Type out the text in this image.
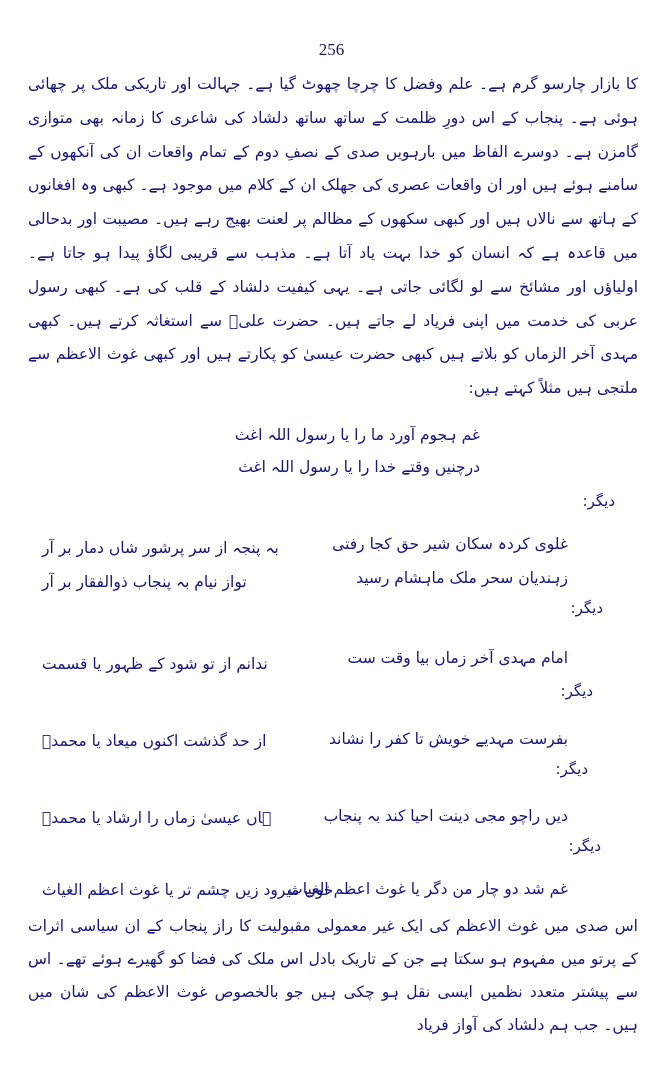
256

کا بازار چارسو گرم ہے۔ علم وفضل کا چرچا چھوٹ گیا ہے۔ جہالت اور تاریکی ملک پر چھائی ہوئی ہے۔ پنجاب کے اس دورِ ظلمت کے ساتھ ساتھ دلشاد کی شاعری کا زمانہ بھی متوازی گامزن ہے۔ دوسرے الفاظ میں بارہویں صدی کے نصفِ دوم کے تمام واقعات ان کی آنکھوں کے سامنے ہوئے ہیں اور ان واقعات عصری کی جھلک ان کے کلام میں موجود ہے۔ کبھی وہ افغانوں کے ہاتھ سے نالاں ہیں اور کبھی سکھوں کے مظالم پر لعنت بھیج رہے ہیں۔ مصیبت اور بدحالی میں قاعدہ ہے کہ انسان کو خدا بہت یاد آتا ہے۔ مذہب سے قریبی لگاؤ پیدا ہو جاتا ہے۔ اولیاؤں اور مشائخ سے لو لگائی جاتی ہے۔ یہی کیفیت دلشاد کے قلب کی ہے۔ کبھی رسول عربی کی خدمت میں اپنی فریاد لے جاتے ہیں۔ حضرت علیؑ سے استغاثہ کرتے ہیں۔ کبھی مہدی آخر الزماں کو بلاتے ہیں کبھی حضرت عیسیٰ کو پکارتے ہیں اور کبھی غوث الاعظم سے ملتجی ہیں مثلاً کہتے ہیں:

غم ہجوم آورد ما را یا رسول اللہ اغث
درچنیں وقتے خدا را یا رسول اللہ اغث
دیگر:
غلوی کردہ سکان شیر حق کجا رفتی
بہ پنجہ از سر پرشور شاں دمار بر آر
زہندیان سحر ملک ماہشام رسید
تواز نیام بہ پنجاب ذوالفقار بر آر
دیگر:
امام مہدی آخر زماں بیا وقت ست
ندانم از تو شود کے ظہور یا قسمت
دیگر:
بفرست مہدیے خویش تا کفر را نشاند
از حد گذشت اکنوں میعاد یا محمدؐ
دیگر:
دیں راچو مجی دینت احیا کند بہ پنجاب
ہاں عیسیٰ زماں را ارشاد یا محمدؐ
دیگر:
غم شد دو چار من دگر یا غوث اعظم الغیاث
خوں میرود زیں چشم تر یا غوث اعظم الغیاث

اس صدی میں غوث الاعظم کی ایک غیر معمولی مقبولیت کا راز پنجاب کے ان سیاسی اثرات کے پرتو میں مفہوم ہو سکتا ہے جن کے تاریک بادل اس ملک کی فضا کو گھیرے ہوئے تھے۔ اس سے پیشتر متعدد نظمیں ایسی نقل ہو چکی ہیں جو بالخصوص غوث الاعظم کی شان میں ہیں۔ جب ہم دلشاد کی آواز فریاد
